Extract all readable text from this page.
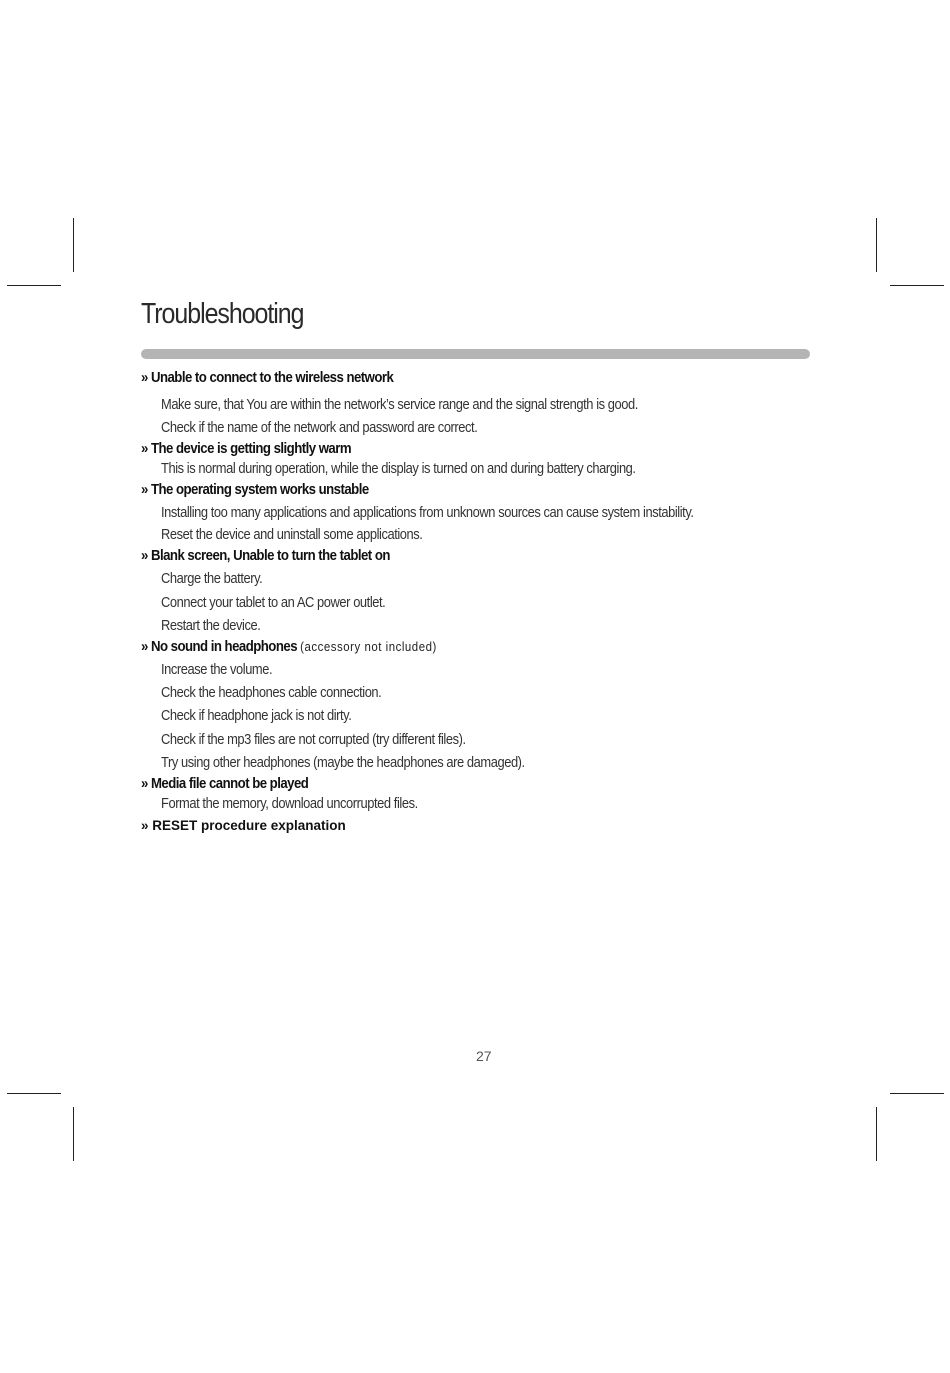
Troubleshooting
» Unable to connect to the wireless network
Make sure, that You are within the network’s service range and the signal strength is good.
Check if the name of the network and password are correct.
» The device is getting slightly warm
This is normal during operation, while the display is turned on and during battery charging.
» The operating system works unstable
Installing too many applications and applications from unknown sources can cause system instability.
Reset the device and uninstall some applications.
» Blank screen, Unable to turn the tablet on
Charge the battery.
Connect your tablet to an AC power outlet.
Restart the device.
» No sound in headphones (accessory not included)
Increase the volume.
Check the headphones cable connection.
Check if headphone jack is not dirty.
Check if the mp3 files are not corrupted (try different files).
Try using other headphones (maybe the headphones are damaged).
» Media file cannot be played
Format the memory, download uncorrupted files.
» RESET procedure explanation
27
